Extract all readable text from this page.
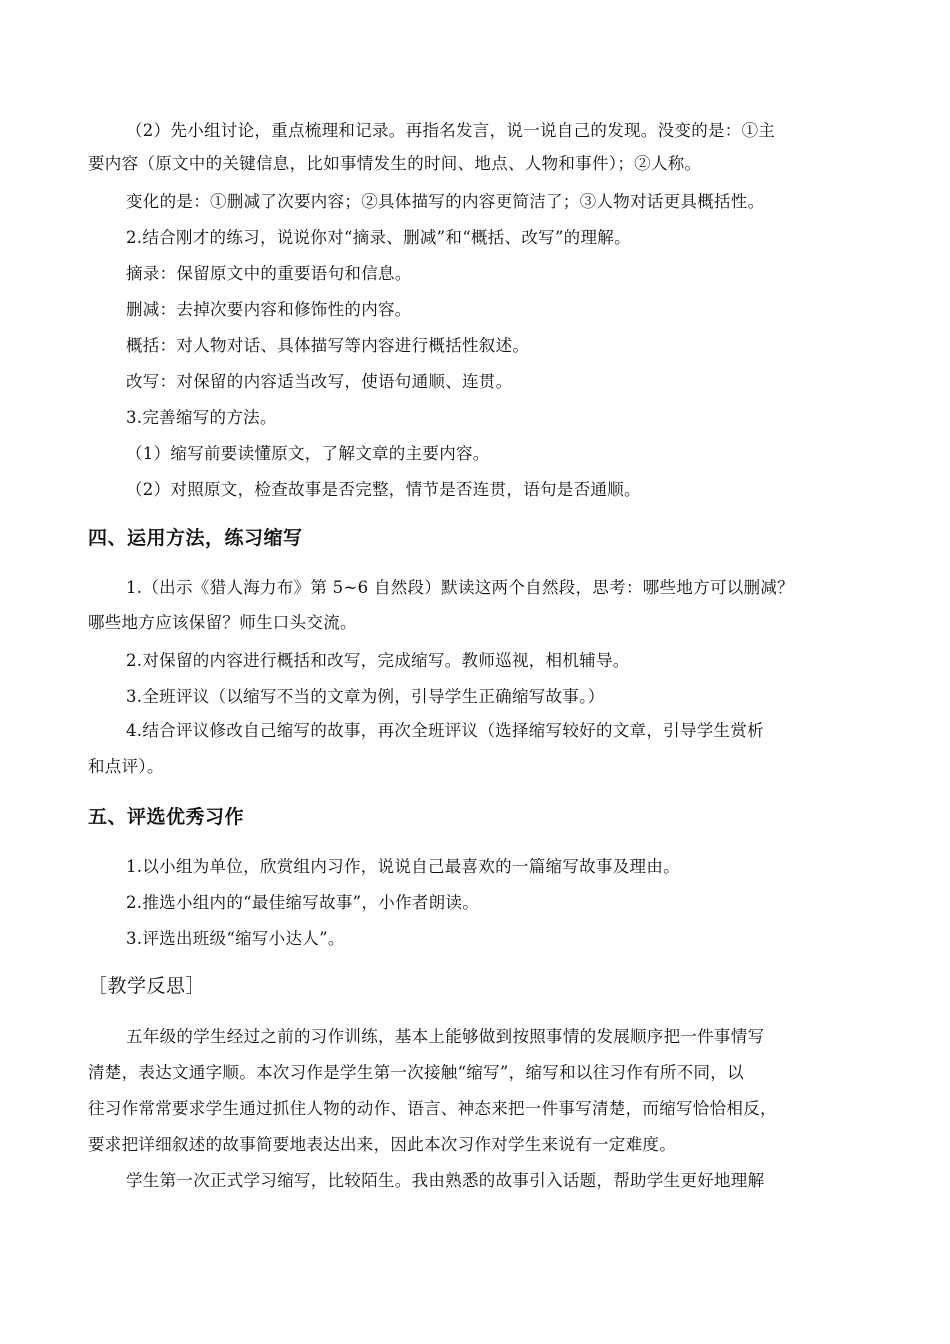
（2）先小组讨论，重点梳理和记录。再指名发言，说一说自己的发现。没变的是：①主
要内容（原文中的关键信息，比如事情发生的时间、地点、人物和事件）；②人称。
变化的是：①删减了次要内容；②具体描写的内容更简洁了；③人物对话更具概括性。
2.结合刚才的练习，说说你对“摘录、删减”和“概括、改写”的理解。
摘录：保留原文中的重要语句和信息。
删减：去掉次要内容和修饰性的内容。
概括：对人物对话、具体描写等内容进行概括性叙述。
改写：对保留的内容适当改写，使语句通顺、连贯。
3.完善缩写的方法。
（1）缩写前要读懂原文，了解文章的主要内容。
（2）对照原文，检查故事是否完整，情节是否连贯，语句是否通顺。
四、运用方法，练习缩写
1.（出示《猎人海力布》第 5~6 自然段）默读这两个自然段，思考：哪些地方可以删减？
哪些地方应该保留？师生口头交流。
2.对保留的内容进行概括和改写，完成缩写。教师巡视，相机辅导。
3.全班评议（以缩写不当的文章为例，引导学生正确缩写故事。）
4.结合评议修改自己缩写的故事，再次全班评议（选择缩写较好的文章，引导学生赏析
和点评）。
五、评选优秀习作
1.以小组为单位，欣赏组内习作，说说自己最喜欢的一篇缩写故事及理由。
2.推选小组内的“最佳缩写故事”，小作者朗读。
3.评选出班级“缩写小达人”。
［教学反思］
五年级的学生经过之前的习作训练，基本上能够做到按照事情的发展顺序把一件事情写
清楚，表达文通字顺。本次习作是学生第一次接触“缩写”，缩写和以往习作有所不同，以
往习作常常要求学生通过抓住人物的动作、语言、神态来把一件事写清楚，而缩写恰恰相反，
要求把详细叙述的故事简要地表达出来，因此本次习作对学生来说有一定难度。
学生第一次正式学习缩写，比较陌生。我由熟悉的故事引入话题，帮助学生更好地理解
